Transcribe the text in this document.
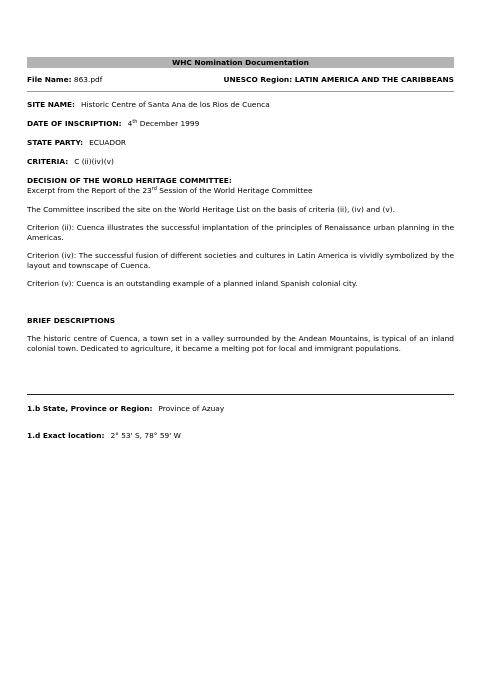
WHC Nomination Documentation
File Name: 863.pdf	UNESCO Region: LATIN AMERICA AND THE CARIBBEANS
SITE NAME: Historic Centre of Santa Ana de los Rios de Cuenca
DATE OF INSCRIPTION: 4th December 1999
STATE PARTY: ECUADOR
CRITERIA: C (ii)(iv)(v)

DECISION OF THE WORLD HERITAGE COMMITTEE:

Excerpt from the Report of the 23rd Session of the World Heritage Committee

The Committee inscribed the site on the World Heritage List on the basis of criteria (ii), (iv) and (v).

Criterion (ii): Cuenca illustrates the successful implantation of the principles of Renaissance urban planning in the Americas.

Criterion (iv): The successful fusion of different societies and cultures in Latin America is vividly symbolized by the layout and townscape of Cuenca.

Criterion (v): Cuenca is an outstanding example of a planned inland Spanish colonial city.

BRIEF DESCRIPTIONS

The historic centre of Cuenca, a town set in a valley surrounded by the Andean Mountains, is typical of an inland colonial town. Dedicated to agriculture, it became a melting pot for local and immigrant populations.

1.b State, Province or Region: Province of Azuay
1.d Exact location: 2° 53' S, 78° 59' W
